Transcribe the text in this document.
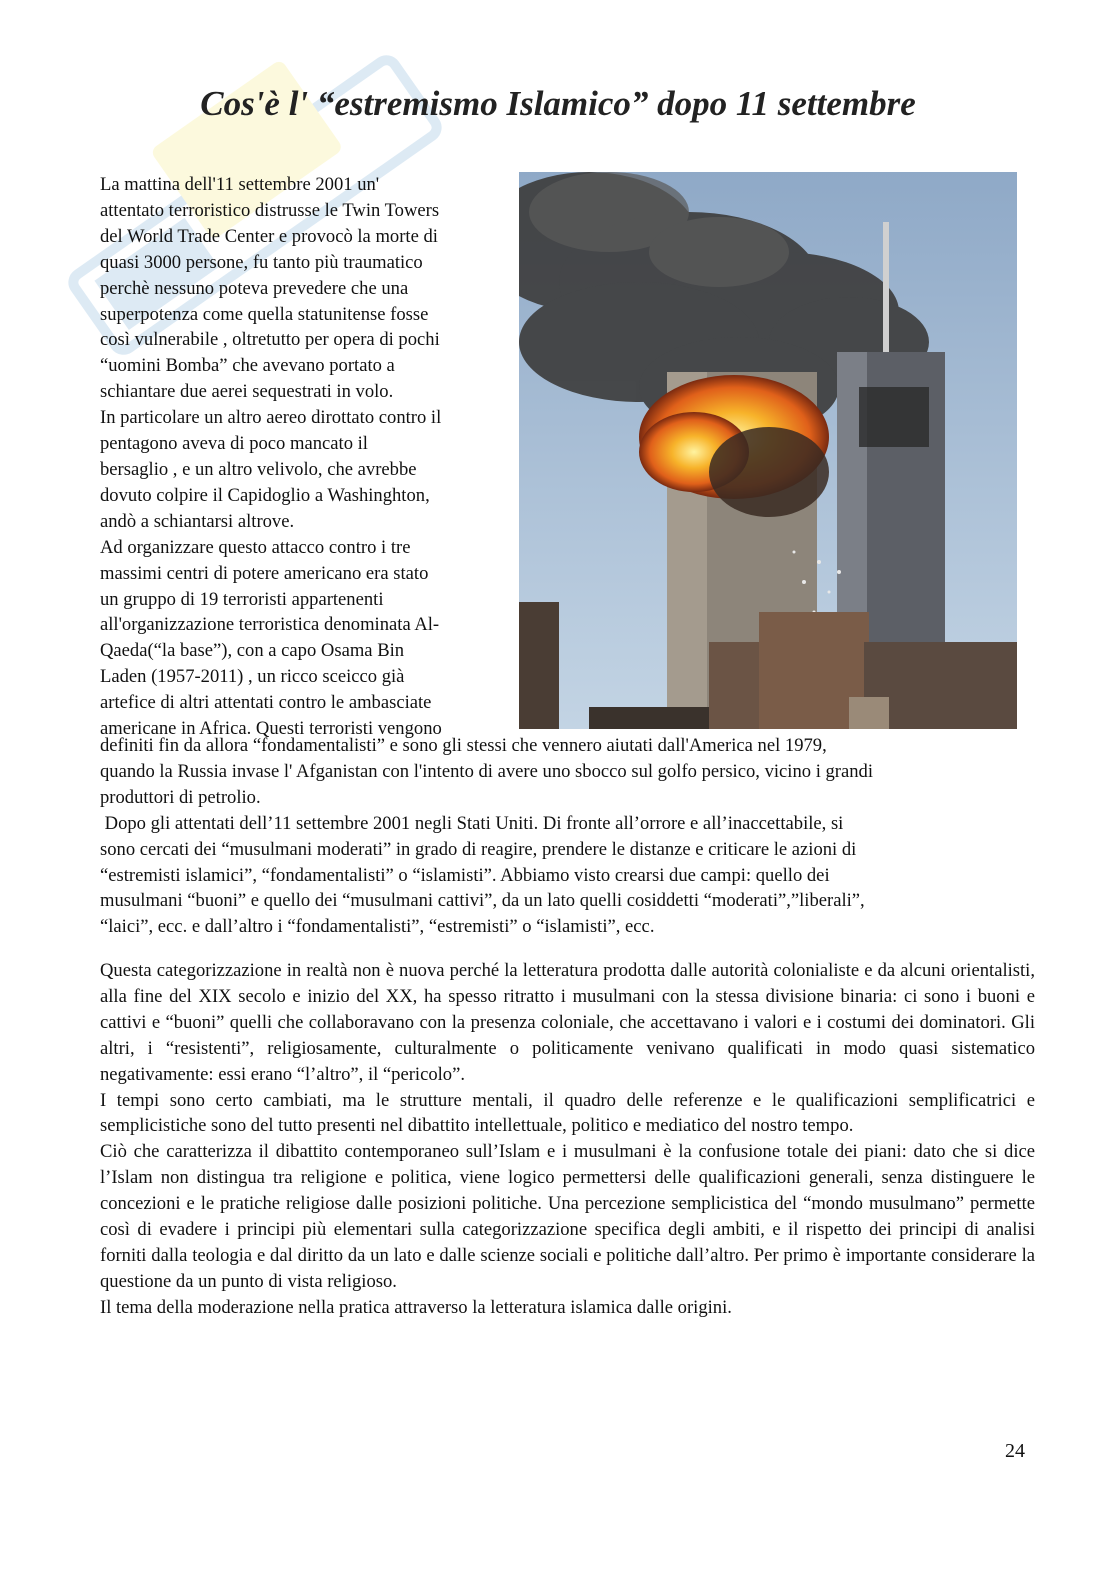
Cos'è l' “estremismo Islamico” dopo 11 settembre

La mattina dell'11 settembre 2001 un'

attentato terroristico distrusse le Twin Towers

del World Trade Center e provocò la morte di

quasi 3000 persone, fu tanto più traumatico

perchè nessuno poteva prevedere che una

superpotenza come quella statunitense fosse

così vulnerabile , oltretutto per opera di pochi

“uomini Bomba” che avevano portato a

schiantare due aerei sequestrati in volo.

In particolare un altro aereo dirottato contro il

pentagono aveva di poco mancato il

bersaglio , e un altro velivolo, che avrebbe

dovuto colpire il Capidoglio a Washinghton,

andò a schiantarsi altrove.

Ad organizzare questo attacco contro i tre

massimi centri di potere americano era stato

un gruppo di 19 terroristi appartenenti

all'organizzazione terroristica denominata Al-

Qaeda(“la base”), con a capo Osama Bin

Laden (1957-2011) , un ricco sceicco già

artefice di altri attentati contro le ambasciate

americane in Africa. Questi terroristi vengono

definiti fin da allora “fondamentalisti” e sono gli stessi che vennero aiutati dall'America nel 1979,

quando la Russia invase l' Afganistan con l'intento di avere uno sbocco sul golfo persico, vicino i grandi

produttori di petrolio.

Dopo gli attentati dell’11 settembre 2001 negli Stati Uniti. Di fronte all’orrore e all’inaccettabile, si

sono cercati dei “musulmani moderati” in grado di reagire, prendere le distanze e criticare le azioni di

“estremisti islamici”, “fondamentalisti” o “islamisti”. Abbiamo visto crearsi due campi: quello dei

musulmani “buoni” e quello dei “musulmani cattivi”, da un lato quelli cosiddetti “moderati”,”liberali”,

“laici”, ecc. e dall’altro i “fondamentalisti”, “estremisti” o “islamisti”, ecc.

Questa categorizzazione in realtà non è nuova perché la letteratura prodotta dalle autorità colonialiste e da alcuni orientalisti, alla fine del XIX secolo e inizio del XX, ha spesso ritratto i musulmani con la stessa divisione binaria: ci sono i buoni e cattivi e “buoni” quelli che collaboravano con la presenza coloniale, che accettavano i valori e i costumi dei dominatori. Gli altri, i “resistenti”, religiosamente, culturalmente o politicamente venivano qualificati in modo quasi sistematico negativamente: essi erano “l’altro”, il “pericolo”.

I tempi sono certo cambiati, ma le strutture mentali, il quadro delle referenze e le qualificazioni semplificatrici e semplicistiche sono del tutto presenti nel dibattito intellettuale, politico e mediatico del nostro tempo.

Ciò che caratterizza il dibattito contemporaneo sull’Islam e i musulmani è la confusione totale dei piani: dato che si dice l’Islam non distingua tra religione e politica, viene logico permettersi delle qualificazioni generali, senza distinguere le concezioni e le pratiche religiose dalle posizioni politiche. Una percezione semplicistica del “mondo musulmano” permette così di evadere i principi più elementari sulla categorizzazione specifica degli ambiti, e il rispetto dei principi di analisi forniti dalla teologia e dal diritto da un lato e dalle scienze sociali e politiche dall’altro. Per primo è importante considerare la questione da un punto di vista religioso.

Il tema della moderazione nella pratica attraverso la letteratura islamica dalle origini.

24
